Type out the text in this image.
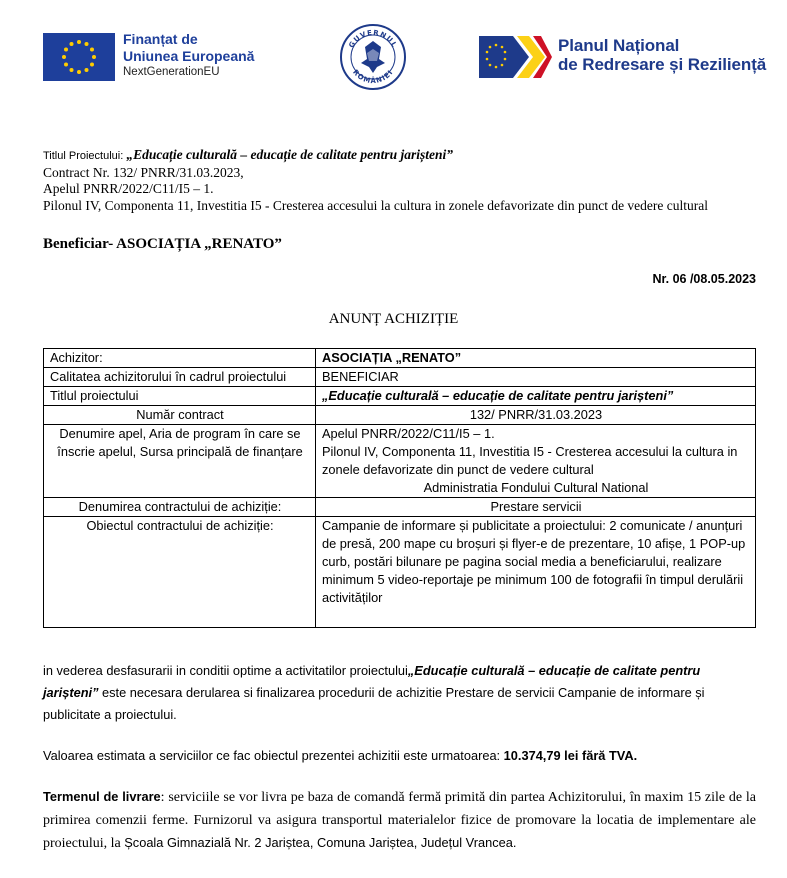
Finanțat de
Uniunea Europeană
NextGenerationEU
GUVERNUL
ROMÂNIEI
Planul Național
de Redresare și Reziliență
Titlul Proiectului: „Educație culturală – educație de calitate pentru jarișteni”
Contract Nr. 132/ PNRR/31.03.2023,
Apelul PNRR/2022/C11/I5 – 1.
Pilonul IV, Componenta 11, Investitia I5 - Cresterea accesului la cultura in zonele defavorizate din punct de vedere cultural
Beneficiar- ASOCIAȚIA „RENATO”
Nr. 06 /08.05.2023
ANUNȚ ACHIZIȚIE
Achizitor:	ASOCIAȚIA „RENATO”
Calitatea achizitorului în cadrul proiectului	BENEFICIAR
Titlul proiectului	„Educație culturală – educație de calitate pentru jarișteni”
Număr contract	132/ PNRR/31.03.2023
Denumire apel, Aria de program în care se înscrie apelul, Sursa principală de finanțare	Apelul PNRR/2022/C11/I5 – 1.
Pilonul IV, Componenta 11, Investitia I5 - Cresterea accesului la cultura in zonele defavorizate din punct de vedere cultural
Administratia Fondului Cultural National

Denumirea contractului de achiziție:	Prestare servicii
Obiectul contractului de achiziție:	Campanie de informare și publicitate a proiectului: 2 comunicate / anunțuri de presă, 200 mape cu broșuri și flyer-e de prezentare, 10 afișe, 1 POP-up curb, postări bilunare pe pagina social media a beneficiarului, realizare minimum 5 video-reportaje pe minimum 100 de fotografii în timpul derulării activităților
in vederea desfasurarii in conditii optime a activitatilor proiectului„Educație culturală – educație de calitate pentru jarișteni” este necesara derularea si finalizarea procedurii de achizitie Prestare de servicii Campanie de informare și publicitate a proiectului.
Valoarea estimata a serviciilor ce fac obiectul prezentei achizitii este urmatoarea: 10.374,79 lei fără TVA.
Termenul de livrare: serviciile se vor livra pe baza de comandă fermă primită din partea Achizitorului, în maxim 15 zile de la primirea comenzii ferme. Furnizorul va asigura transportul materialelor fizice de promovare la locatia de implementare ale proiectului, la Școala Gimnazială Nr. 2 Jariștea, Comuna Jariștea, Județul Vrancea.
